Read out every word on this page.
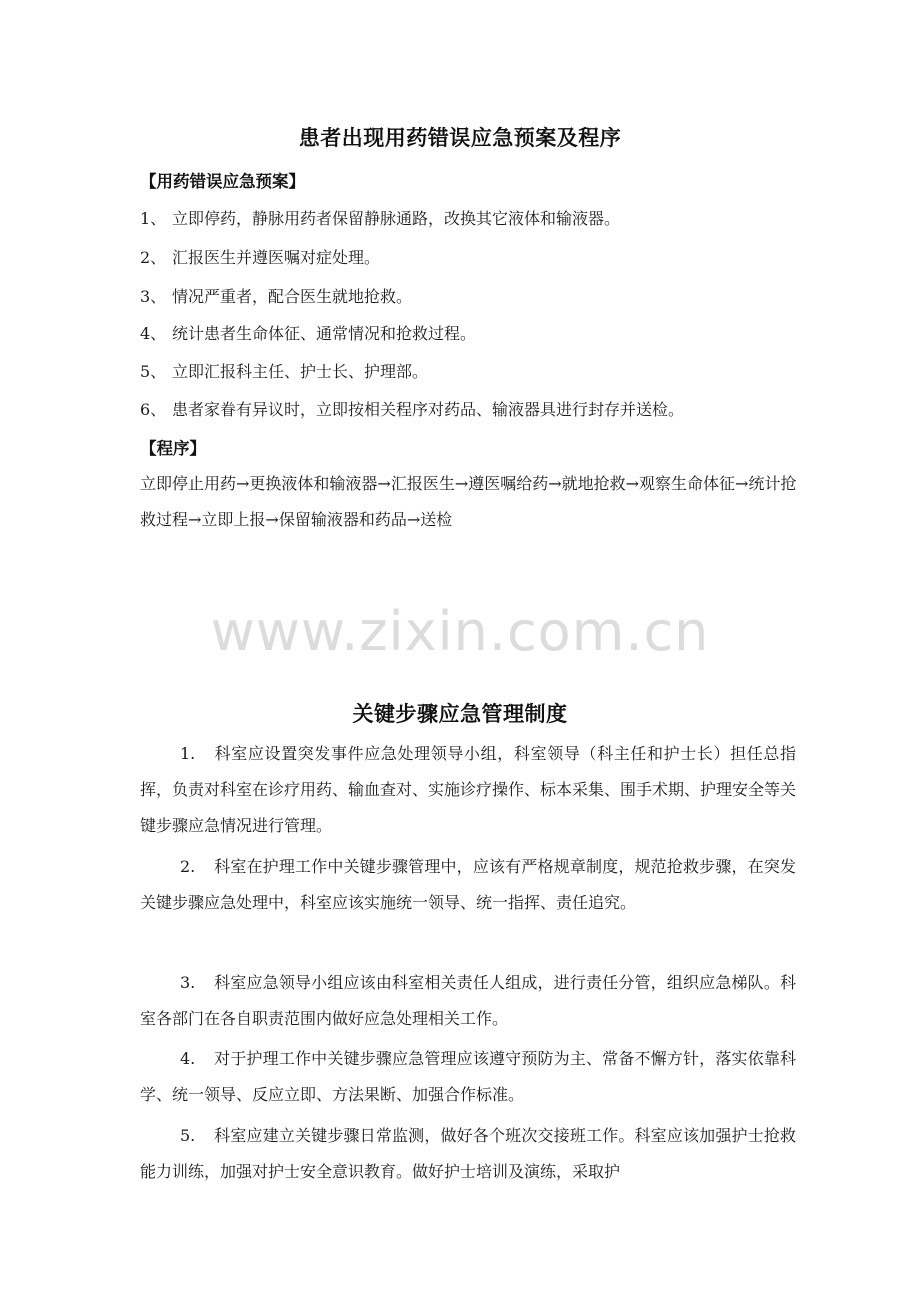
患者出现用药错误应急预案及程序
【用药错误应急预案】
1、 立即停药，静脉用药者保留静脉通路，改换其它液体和输液器。
2、 汇报医生并遵医嘱对症处理。
3、 情况严重者，配合医生就地抢救。
4、 统计患者生命体征、通常情况和抢救过程。
5、 立即汇报科主任、护士长、护理部。
6、 患者家眷有异议时，立即按相关程序对药品、输液器具进行封存并送检。
【程序】
立即停止用药→更换液体和输液器→汇报医生→遵医嘱给药→就地抢救→观察生命体征→统计抢救过程→立即上报→保留输液器和药品→送检
www.zixin.com.cn
关键步骤应急管理制度
1. 科室应设置突发事件应急处理领导小组，科室领导（科主任和护士长）担任总指挥，负责对科室在诊疗用药、输血查对、实施诊疗操作、标本采集、围手术期、护理安全等关键步骤应急情况进行管理。
2. 科室在护理工作中关键步骤管理中，应该有严格规章制度，规范抢救步骤，在突发关键步骤应急处理中，科室应该实施统一领导、统一指挥、责任追究。
3. 科室应急领导小组应该由科室相关责任人组成，进行责任分管，组织应急梯队。科室各部门在各自职责范围内做好应急处理相关工作。
4. 对于护理工作中关键步骤应急管理应该遵守预防为主、常备不懈方针，落实依靠科学、统一领导、反应立即、方法果断、加强合作标准。
5. 科室应建立关键步骤日常监测，做好各个班次交接班工作。科室应该加强护士抢救能力训练，加强对护士安全意识教育。做好护士培训及演练，采取护
